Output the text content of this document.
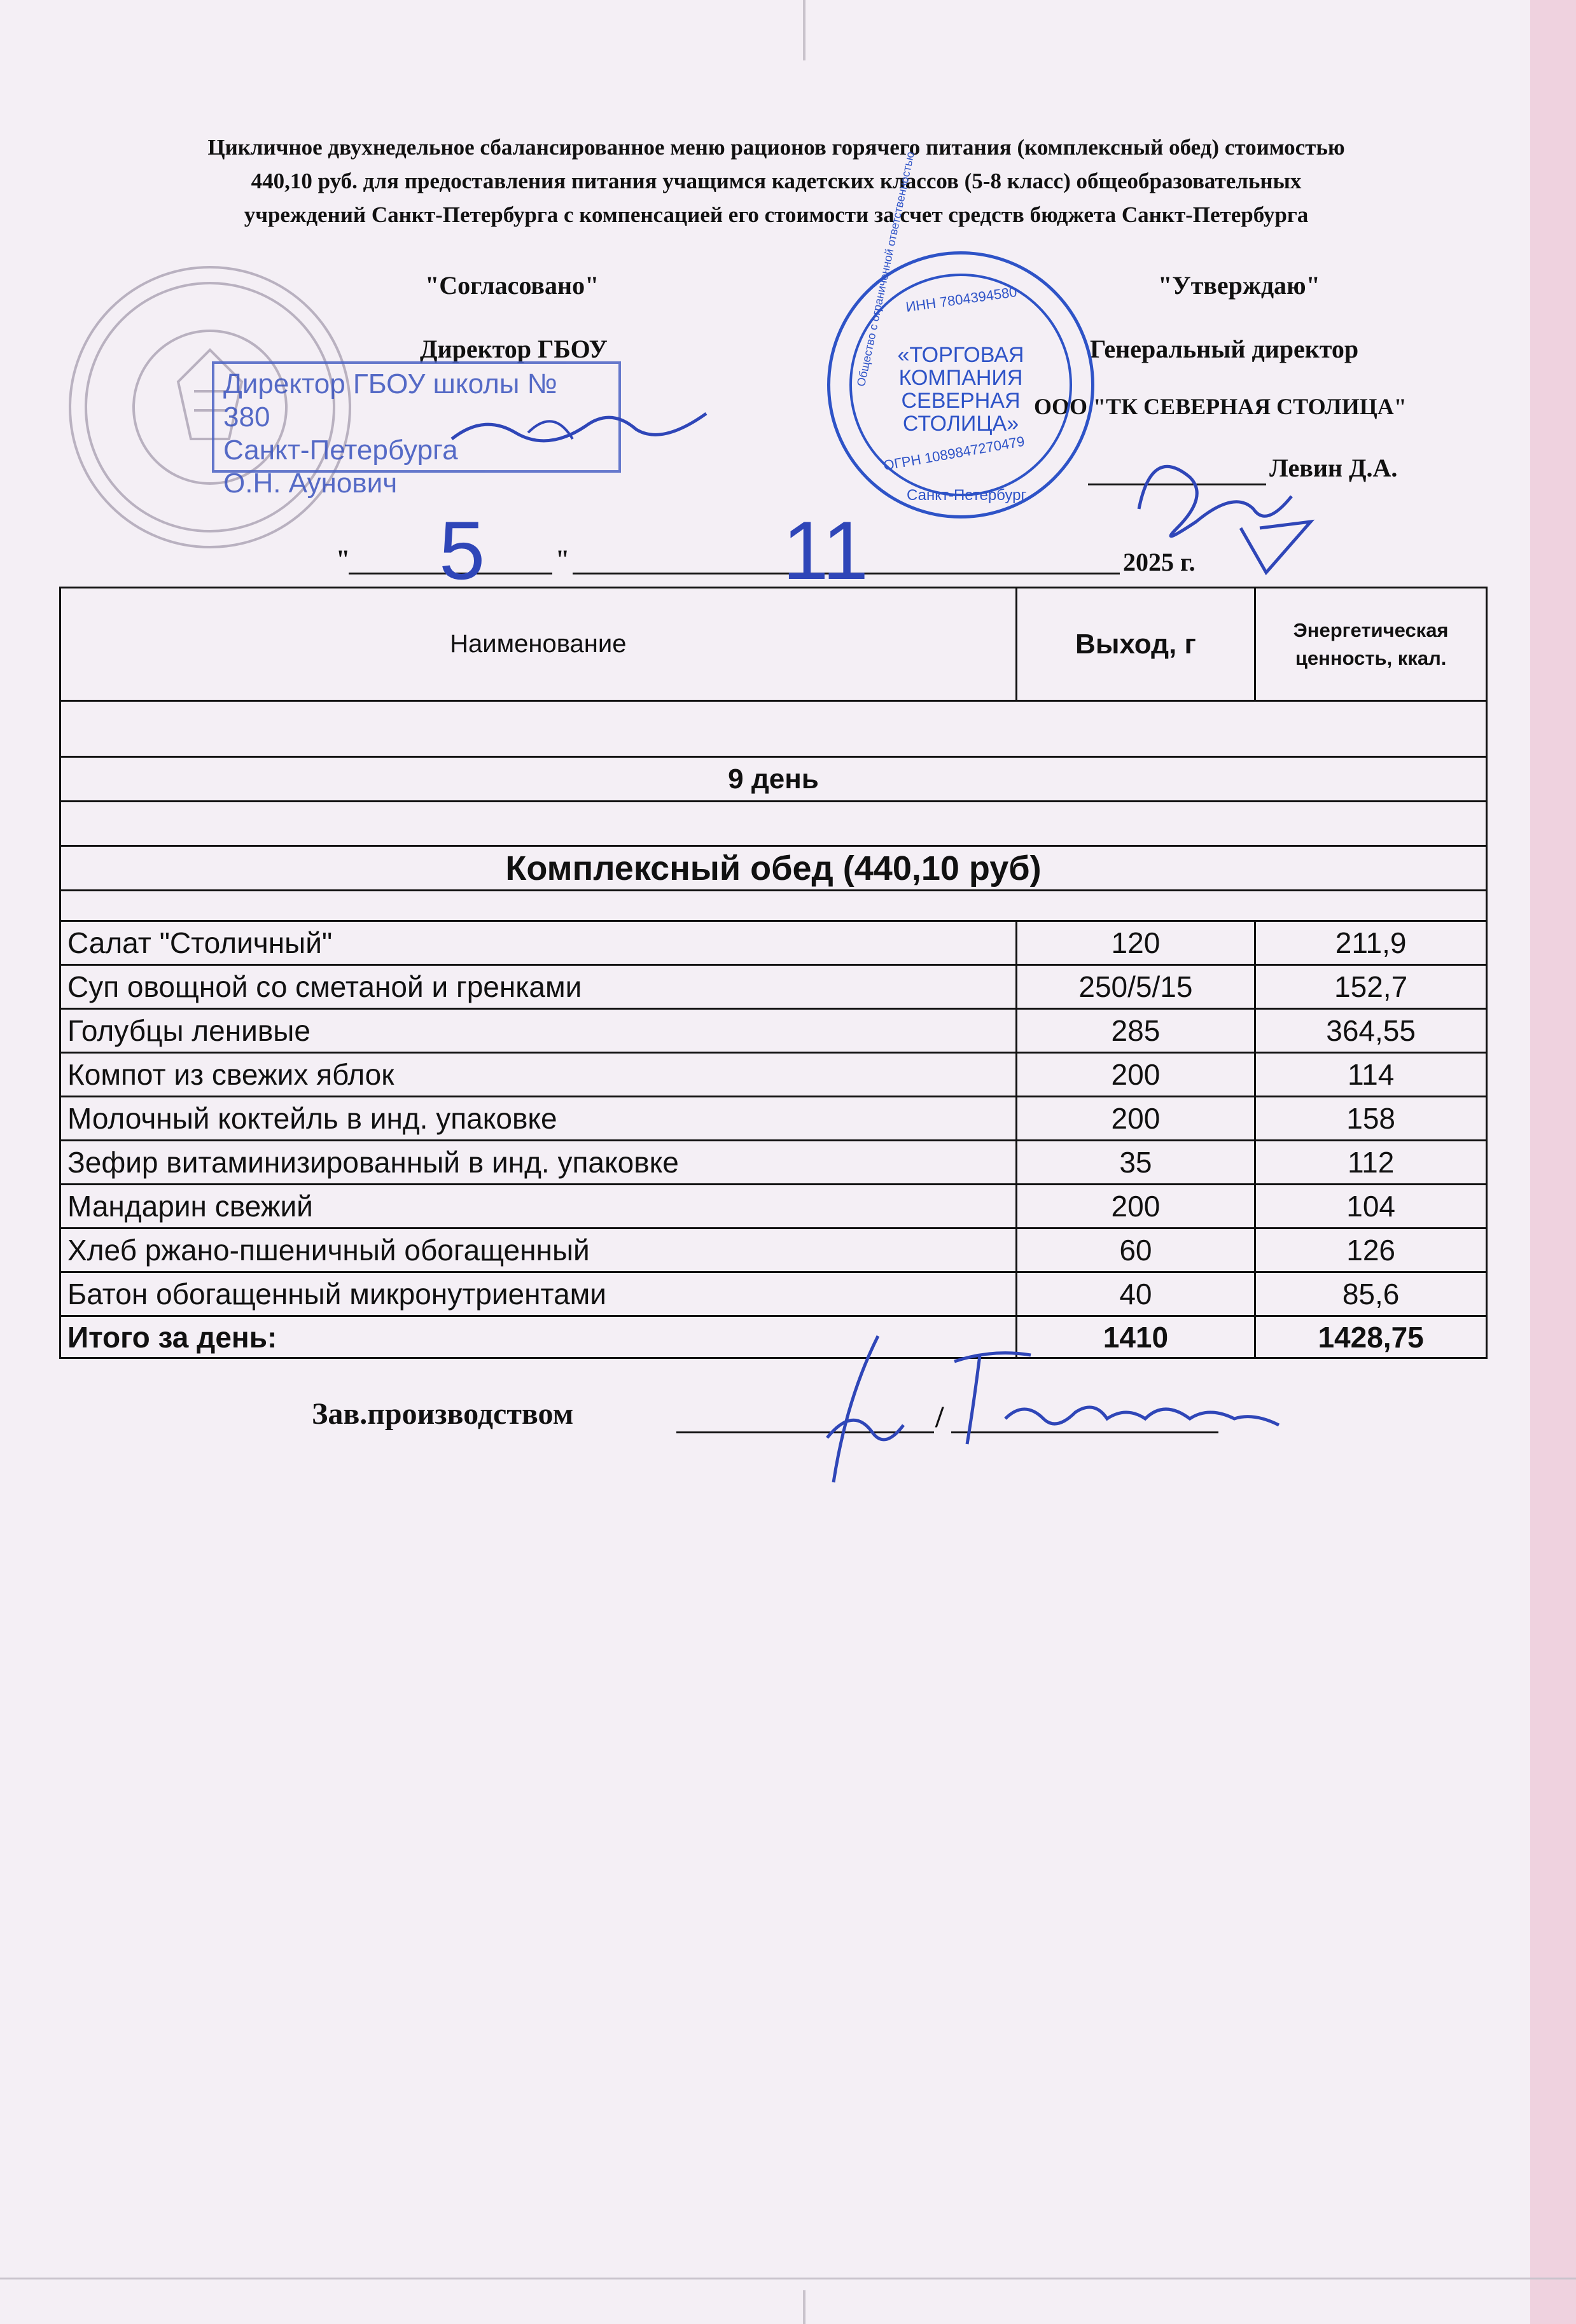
Цикличное двухнедельное сбалансированное меню рационов горячего питания (комплексный обед) стоимостью
440,10 руб. для предоставления питания учащимся кадетских классов (5-8 класс) общеобразовательных
учреждений Санкт-Петербурга с компенсацией его стоимости за счет средств бюджета Санкт-Петербурга
"Согласовано"
Директор ГБОУ
Директор ГБОУ школы № 380
Санкт-Петербурга
О.Н. Аунович
"Утверждаю"
Генеральный директор
ООО "ТК СЕВЕРНАЯ СТОЛИЦА"
Левин Д.А.
ИНН 7804394580
«ТОРГОВАЯ
КОМПАНИЯ
СЕВЕРНАЯ
СТОЛИЦА»
ОГРН 1089847270479
Санкт-Петербург
Общество с ограниченной ответственностью
" 5	"	11	2025 г.
Наименование	Выход, г	Энергетическая ценность, ккал.

9 день		

Комплексный обед (440,10 руб)		

Салат "Столичный"	120	211,9
Суп овощной со сметаной и гренками	250/5/15	152,7
Голубцы ленивые	285	364,55
Компот из свежих яблок	200	114
Молочный коктейль в инд. упаковке	200	158
Зефир витаминизированный в инд. упаковке	35	112
Мандарин свежий	200	104
Хлеб ржано-пшеничный обогащенный	60	126
Батон обогащенный микронутриентами	40	85,6
Итого за день:	1410	1428,75
Зав.производством	/
